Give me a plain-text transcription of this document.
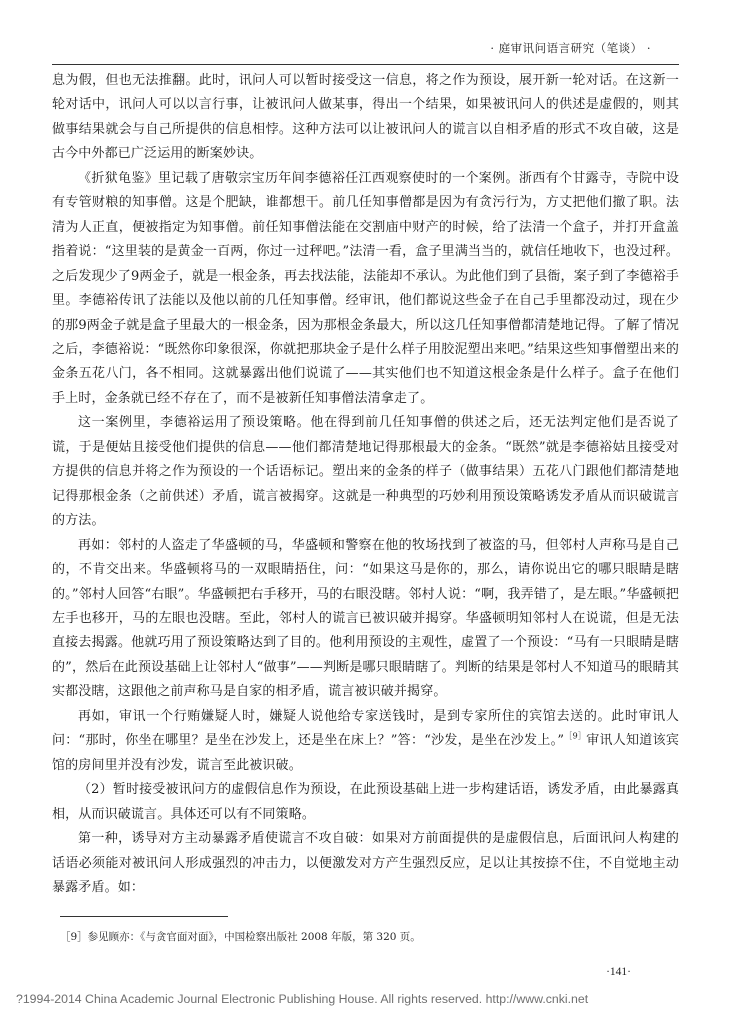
· 庭审讯问语言研究（笔谈） ·

息为假，但也无法推翻。此时，讯问人可以暂时接受这一信息，将之作为预设，展开新一轮对话。在这新一轮对话中，讯问人可以以言行事，让被讯问人做某事，得出一个结果，如果被讯问人的供述是虚假的，则其做事结果就会与自己所提供的信息相悖。这种方法可以让被讯问人的谎言以自相矛盾的形式不攻自破，这是古今中外都已广泛运用的断案妙诀。

《折狱龟鉴》里记载了唐敬宗宝历年间李德裕任江西观察使时的一个案例。浙西有个甘露寺，寺院中设有专管财粮的知事僧。这是个肥缺，谁都想干。前几任知事僧都是因为有贪污行为，方丈把他们撤了职。法清为人正直，便被指定为知事僧。前任知事僧法能在交割庙中财产的时候，给了法清一个盒子，并打开盒盖指着说：“这里装的是黄金一百两，你过一过秤吧。”法清一看，盒子里满当当的，就信任地收下，也没过秤。之后发现少了9两金子，就是一根金条，再去找法能，法能却不承认。为此他们到了县衙，案子到了李德裕手里。李德裕传讯了法能以及他以前的几任知事僧。经审讯，他们都说这些金子在自己手里都没动过，现在少的那9两金子就是盒子里最大的一根金条，因为那根金条最大，所以这几任知事僧都清楚地记得。了解了情况之后，李德裕说：“既然你印象很深，你就把那块金子是什么样子用胶泥塑出来吧。”结果这些知事僧塑出来的金条五花八门，各不相同。这就暴露出他们说谎了——其实他们也不知道这根金条是什么样子。盒子在他们手上时，金条就已经不存在了，而不是被新任知事僧法清拿走了。

这一案例里，李德裕运用了预设策略。他在得到前几任知事僧的供述之后，还无法判定他们是否说了谎，于是便姑且接受他们提供的信息——他们都清楚地记得那根最大的金条。“既然”就是李德裕姑且接受对方提供的信息并将之作为预设的一个话语标记。塑出来的金条的样子（做事结果）五花八门跟他们都清楚地记得那根金条（之前供述）矛盾，谎言被揭穿。这就是一种典型的巧妙利用预设策略诱发矛盾从而识破谎言的方法。

再如：邻村的人盗走了华盛顿的马，华盛顿和警察在他的牧场找到了被盗的马，但邻村人声称马是自己的，不肯交出来。华盛顿将马的一双眼睛捂住，问：“如果这马是你的，那么，请你说出它的哪只眼睛是瞎的。”邻村人回答“右眼”。华盛顿把右手移开，马的右眼没瞎。邻村人说：“啊，我弄错了，是左眼。”华盛顿把左手也移开，马的左眼也没瞎。至此，邻村人的谎言已被识破并揭穿。华盛顿明知邻村人在说谎，但是无法直接去揭露。他就巧用了预设策略达到了目的。他利用预设的主观性，虚置了一个预设：“马有一只眼睛是瞎的”，然后在此预设基础上让邻村人“做事”——判断是哪只眼睛瞎了。判断的结果是邻村人不知道马的眼睛其实都没瞎，这跟他之前声称马是自家的相矛盾，谎言被识破并揭穿。

再如，审讯一个行贿嫌疑人时，嫌疑人说他给专家送钱时，是到专家所住的宾馆去送的。此时审讯人问：“那时，你坐在哪里？是坐在沙发上，还是坐在床上？”答：“沙发，是坐在沙发上。”$^{[9]}$审讯人知道该宾馆的房间里并没有沙发，谎言至此被识破。

（2）暂时接受被讯问方的虚假信息作为预设，在此预设基础上进一步构建话语，诱发矛盾，由此暴露真相，从而识破谎言。具体还可以有不同策略。

第一种，诱导对方主动暴露矛盾使谎言不攻自破：如果对方前面提供的是虚假信息，后面讯问人构建的话语必须能对被讯问人形成强烈的冲击力，以便激发对方产生强烈反应，足以让其按捺不住，不自觉地主动暴露矛盾。如：

［9］参见顾亦：《与贪官面对面》，中国检察出版社 2008 年版，第 320 页。
·141·
?1994-2014 China Academic Journal Electronic Publishing House. All rights reserved. http://www.cnki.net
